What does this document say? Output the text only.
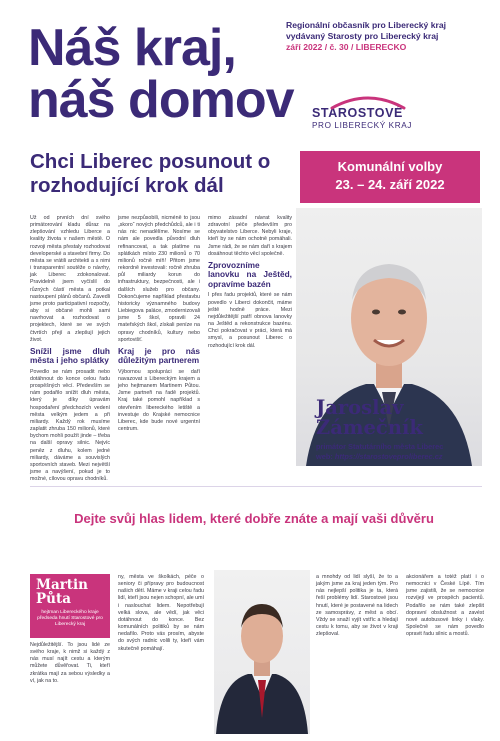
Náš kraj,
náš domov
Regionální občasník pro Liberecký kraj
vydávaný Starosty pro Liberecký kraj
září 2022 / č. 30 / LIBERECKO
STAROSTOVÉ
PRO LIBERECKÝ KRAJ
Chci Liberec posunout o rozhodující krok dál
Komunální volby
23. – 24. září 2022

Už od prvních dní svého primátorování kladu důraz na zlepšování vzhledu Liberce a kvality života v našem městě. O rozvoji města přestaly rozhodovat developerské a stavební firmy. Do města se vrátili architekti a s nimi i transparentní soutěže o návrhy, jak Liberec zdokonalovat. Pravidelně jsem vyčíslil do různých částí města a potkal nastoupení plánů občanů. Zavedli jsme proto participativní rozpočty, aby si občané mohli sami navrhovat a rozhodovat o projektech, které se ve svých čtvrtích přejí a zlepšují jejich život.

Snížil jsme dluh města i jeho splátky

Povedlo se nám prosadit nebo dotáhnout do konce celou řadu prospěšných věcí. Především se nám podařilo snížit dluh města, který je díky úpravám hospodaření předchozích vedení města velkým jedem a při miliardy. Každý rok musíme zaplatit zhruba 150 milionů, které bychom mohli použít jinde – třeba na další opravy silnic. Nejvíc peněz z dluhu, kolem jedné miliardy, dáváme a souvislých sportovních staveb. Mezi největší jsme a navýšení, pokud je to možné, cílovou opravu chodníků.

jsme nezpůsobili, nicméně to jsou „skoro“ nových předchůdců, ale i ti nás nic nenadělíme. Nosíme se nám ale povedla původní dluh refinancovat, a tak platíme na splátkách místo 230 milionů o 70 milionů ročně míň! Přitom jsme rekordně investovali: ročně zhruba půl miliardy korun do infrastruktury, bezpečnosti, ale i dalších služeb pro občany. Dokončujeme například přestavbu historicky významného budovy Liebiegova paláce, zmodernizovali jsme 5 škol, opravili 24 mateřských škol, získali peníze na opravy chodníků, kultury nebo sportovišť.

Kraj je pro nás důležitým partnerem

Výbornou spolupráci se daří navazovat s Libereckým krajem a jeho hejtmanem Martinem Půtou. Jsme partneři na řadě projektů. Kraj také pomohl například s otevřením libereckého letiště a investuje do Krajské nemocnice Liberec, kde bude nové urgentní centrum.

mimo zásadní návrat kvality zdravotní péče především pro obyvatelstvo Liberce. Nebyli kraje, kteří by se nám ochotně pomáhali. Jsme rádi, že se nám daří s krajem dosáhnout těchto věcí společně.

Zprovozníme lanovku na Ještěd, opravíme bazén

I přes řadu projektů, které se nám povedlo v Liberci dokončit, máme ještě hodně práce. Mezi nejdůležitější patří obnova lanovky na Ještěd a rekonstrukce bazénu. Chci pokračovat v práci, která má smysl, a posunout Liberec o rozhodující krok dál.

Jaroslav
Zámečník
primátor Statutárního města Liberec
web: https://starostoveproliberec.cz
Dejte svůj hlas lidem, které dobře znáte a mají vaši důvěru
Martin
Půta
hejtman Libereckého kraje předseda hnutí Starostové pro Liberecký kraj
Nejdůležitější. To jsou lidé ze svého kraje, k nimž si každý z nás musí najít cestu a kterým můžete důvěřovat. Ti, kteří zkrátka mají za sebou výsledky a ví, jak na to.
ny, města ve školkách, péče o seniory či přípravy pro budoucnost našich dětí. Máme v kraji celou řadu lidí, kteří jsou nejen schopní, ale umí i naslouchat lidem. Nepotřebují velká slova, ale vědí, jak věci dotáhnout do konce. Bez komunálních politiků by se nám nedařilo. Proto vás prosím, abyste do svých radnic volili ty, kteří vám skutečně pomáhají.
a mnohdy od lidí slyší, že to a jakým jsme za kraj jeden tým. Pro nás nejlepší politika je ta, která řeší problémy lidí. Starostové jsou hnutí, které je postavené na lidech ze samosprávy, z měst a obcí. Vždy se snaží vyjít vstříc a hledají cestu k tomu, aby se život v kraji zlepšoval.
akcionářem a totéž platí i o nemocnici v České Lípě. Tím jsme zajistili, že se nemocnice rozvíjejí ve prospěch pacientů. Podařilo se nám také zlepšit dopravní obslužnost a zavést nové autobusové linky i vlaky. Společně se nám povedlo opravit řadu silnic a mostů.
